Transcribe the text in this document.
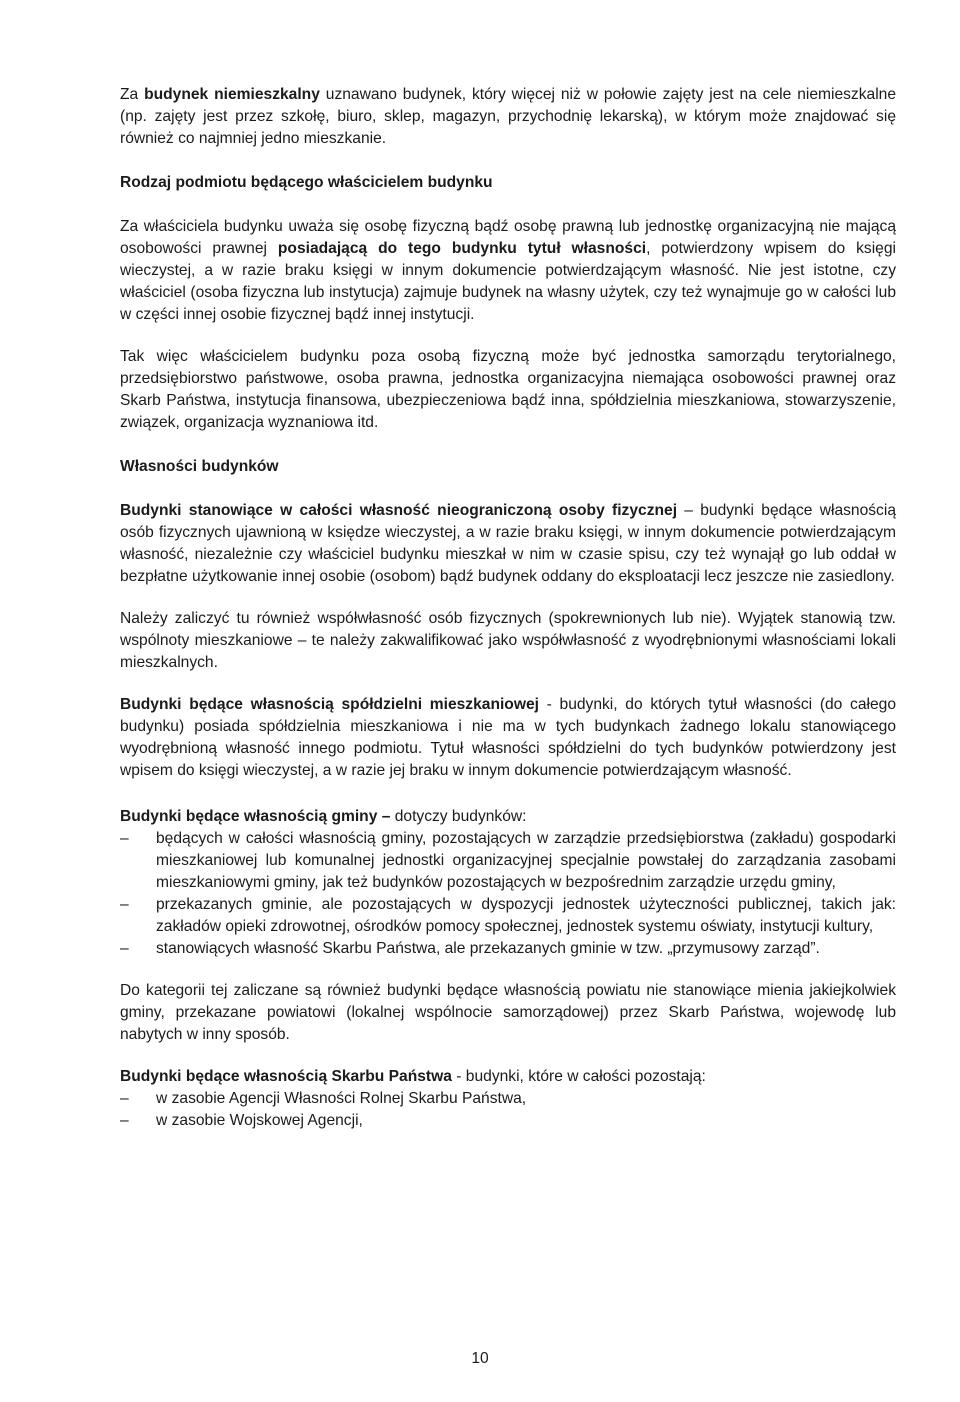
Za budynek niemieszkalny uznawano budynek, który więcej niż w połowie zajęty jest na cele niemieszkalne (np. zajęty jest przez szkołę, biuro, sklep, magazyn, przychodnię lekarską), w którym może znajdować się również co najmniej jedno mieszkanie.

Rodzaj podmiotu będącego właścicielem budynku

Za właściciela budynku uważa się osobę fizyczną bądź osobę prawną lub jednostkę organizacyjną nie mającą osobowości prawnej posiadającą do tego budynku tytuł własności, potwierdzony wpisem do księgi wieczystej, a w razie braku księgi w innym dokumencie potwierdzającym własność. Nie jest istotne, czy właściciel (osoba fizyczna lub instytucja) zajmuje budynek na własny użytek, czy też wynajmuje go w całości lub w części innej osobie fizycznej bądź innej instytucji.

Tak więc właścicielem budynku poza osobą fizyczną może być jednostka samorządu terytorialnego, przedsiębiorstwo państwowe, osoba prawna, jednostka organizacyjna niemająca osobowości prawnej oraz Skarb Państwa, instytucja finansowa, ubezpieczeniowa bądź inna, spółdzielnia mieszkaniowa, stowarzyszenie, związek, organizacja wyznaniowa itd.

Własności budynków

Budynki stanowiące w całości własność nieograniczoną osoby fizycznej – budynki będące własnością osób fizycznych ujawnioną w księdze wieczystej, a w razie braku księgi, w innym dokumencie potwierdzającym własność, niezależnie czy właściciel budynku mieszkał w nim w czasie spisu, czy też wynajął go lub oddał w bezpłatne użytkowanie innej osobie (osobom) bądź budynek oddany do eksploatacji lecz jeszcze nie zasiedlony.

Należy zaliczyć tu również współwłasność osób fizycznych (spokrewnionych lub nie). Wyjątek stanowią tzw. wspólnoty mieszkaniowe – te należy zakwalifikować jako współwłasność z wyodrębnionymi własnościami lokali mieszkalnych.

Budynki będące własnością spółdzielni mieszkaniowej - budynki, do których tytuł własności (do całego budynku) posiada spółdzielnia mieszkaniowa i nie ma w tych budynkach żadnego lokalu stanowiącego wyodrębnioną własność innego podmiotu. Tytuł własności spółdzielni do tych budynków potwierdzony jest wpisem do księgi wieczystej, a w razie jej braku w innym dokumencie potwierdzającym własność.

Budynki będące własnością gminy – dotyczy budynków:

– będących w całości własnością gminy, pozostających w zarządzie przedsiębiorstwa (zakładu) gospodarki mieszkaniowej lub komunalnej jednostki organizacyjnej specjalnie powstałej do zarządzania zasobami mieszkaniowymi gminy, jak też budynków pozostających w bezpośrednim zarządzie urzędu gminy,
– przekazanych gminie, ale pozostających w dyspozycji jednostek użyteczności publicznej, takich jak: zakładów opieki zdrowotnej, ośrodków pomocy społecznej, jednostek systemu oświaty, instytucji kultury,
– stanowiących własność Skarbu Państwa, ale przekazanych gminie w tzw. „przymusowy zarząd”.

Do kategorii tej zaliczane są również budynki będące własnością powiatu nie stanowiące mienia jakiejkolwiek gminy, przekazane powiatowi (lokalnej wspólnocie samorządowej) przez Skarb Państwa, wojewodę lub nabytych w inny sposób.

Budynki będące własnością Skarbu Państwa - budynki, które w całości pozostają:

– w zasobie Agencji Własności Rolnej Skarbu Państwa,
– w zasobie Wojskowej Agencji,
10
